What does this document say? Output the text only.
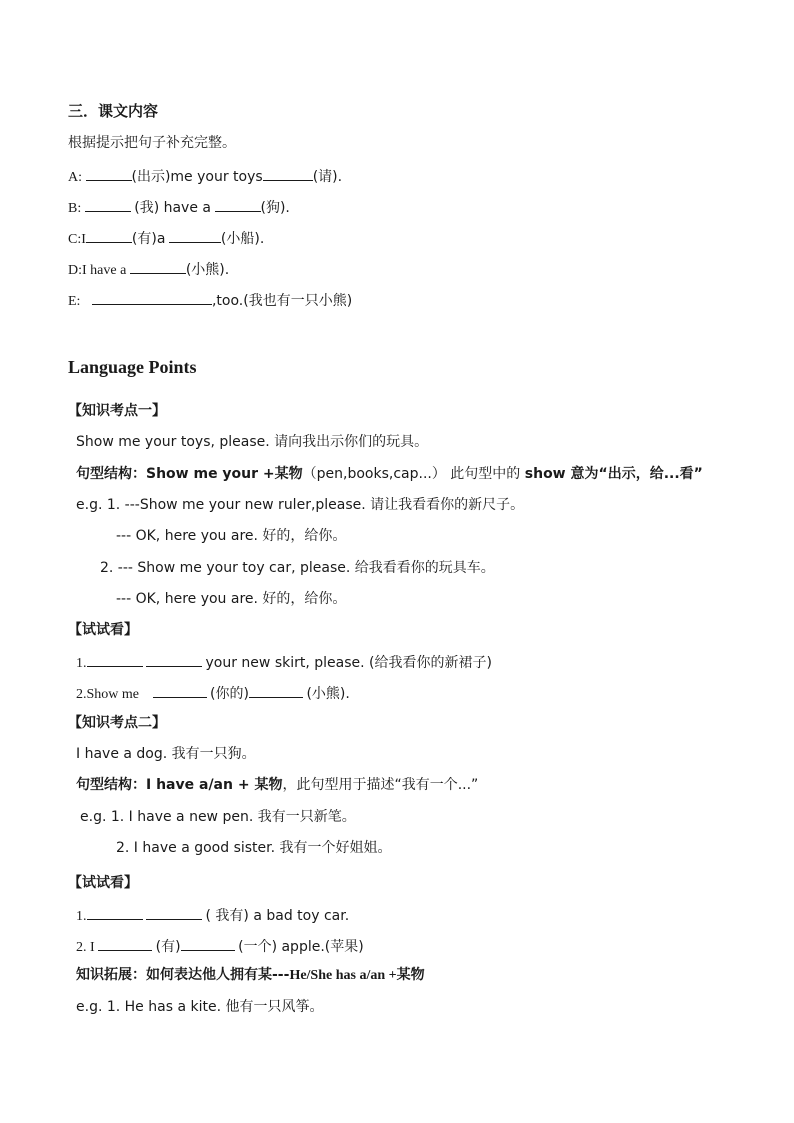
三．课文内容
根据提示把句子补充完整。
A:	(出示)me your toys	(请).
B:	(我) have a	(狗).
C:I	(有)a	(小船).
D:I have a	(小熊).
E:	,too.(我也有一只小熊)
Language Points
【知识考点一】
Show me your toys, please. 请向我出示你们的玩具。
句型结构：Show me your +某物（pen,books,cap...） 此句型中的 show 意为“出示，给...看”
e.g. 1. ---Show me your new ruler,please. 请让我看看你的新尺子。
--- OK, here you are. 好的，给你。
2. --- Show me your toy car, please. 给我看看你的玩具车。
--- OK, here you are. 好的，给你。
【试试看】
1.	your new skirt, please. (给我看你的新裙子)
2.Show me	(你的)	(小熊).
【知识考点二】
I have a dog. 我有一只狗。
句型结构：I have a/an + 某物，此句型用于描述“我有一个...”
e.g. 1. I have a new pen. 我有一只新笔。
2. I have a good sister. 我有一个好姐姐。
【试试看】
1.	( 我有) a bad toy car.
2. I	(有)	(一个) apple.(苹果)
知识拓展：如何表达他人拥有某---He/She has a/an +某物
e.g. 1. He has a kite. 他有一只风筝。
